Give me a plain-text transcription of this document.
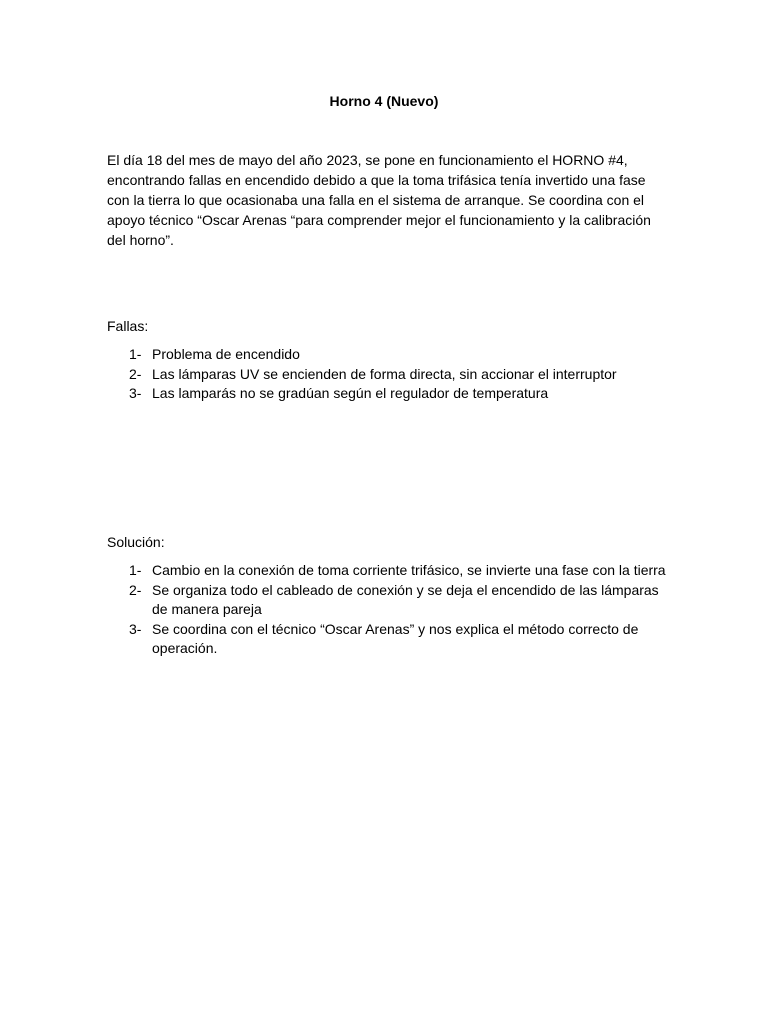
Horno 4 (Nuevo)
El día 18 del mes de mayo del año 2023, se pone en funcionamiento el HORNO #4, encontrando fallas en encendido debido a que la toma trifásica tenía invertido una fase con la tierra lo que ocasionaba una falla en el sistema de arranque. Se coordina con el apoyo técnico “Oscar Arenas “para comprender mejor el funcionamiento y la calibración del horno”.
Fallas:
1- Problema de encendido
2- Las lámparas UV se encienden de forma directa, sin accionar el interruptor
3- Las lamparás no se gradúan según el regulador de temperatura
Solución:
1- Cambio en la conexión de toma corriente trifásico, se invierte una fase con la tierra
2- Se organiza todo el cableado de conexión y se deja el encendido de las lámparas de manera pareja
3- Se coordina con el técnico “Oscar Arenas” y nos explica el método correcto de operación.
